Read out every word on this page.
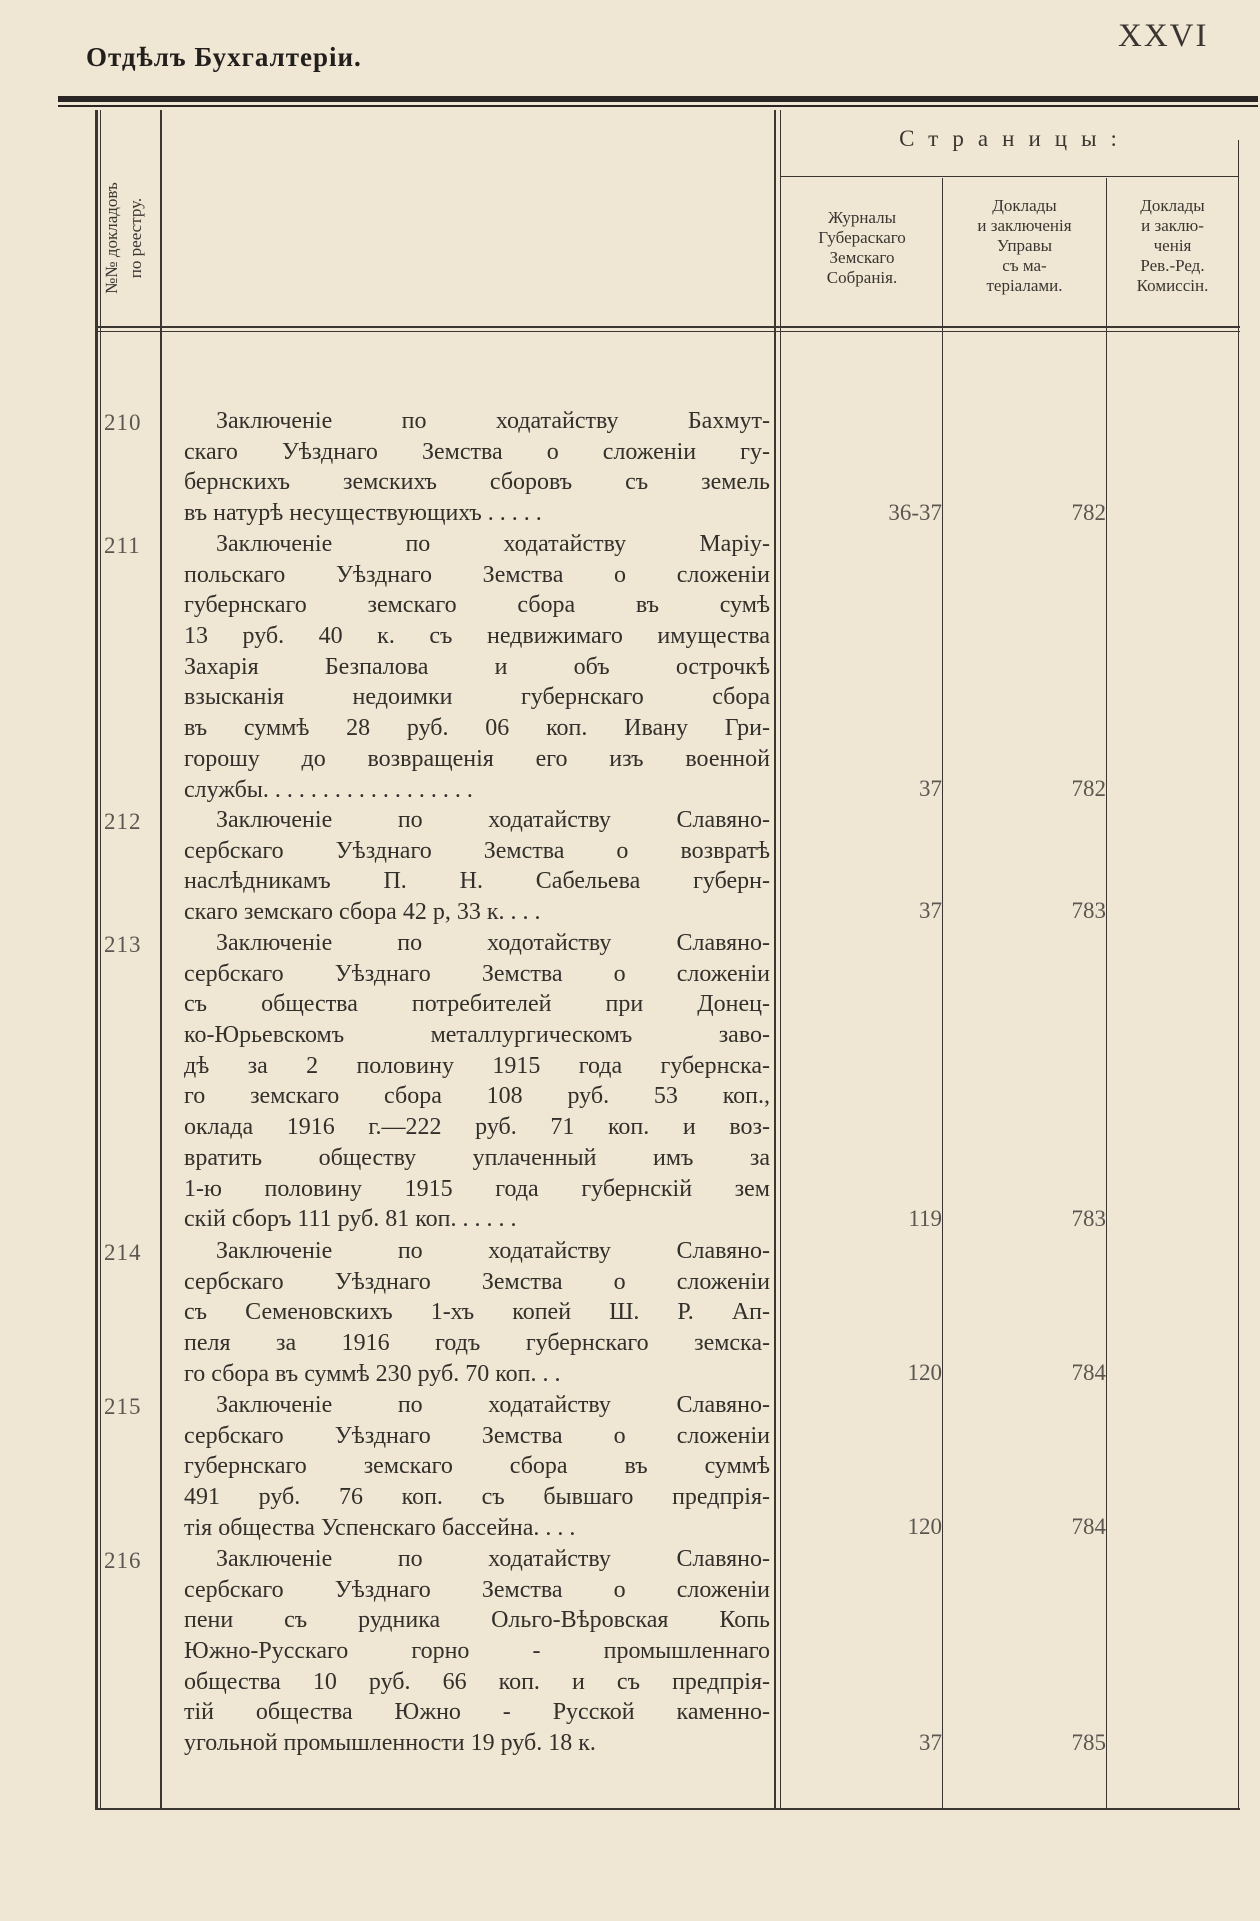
Отдѣлъ Бухгалтеріи.
XXVI
№№ докладовъ по реестру.
Страницы:
Журналы
Губерaскаго
Земскаго
Собранія.
Доклады
и заключенія
Управы
съ ма-
теріалами.
Доклады
и заклю-
ченія
Рев.-Ред.
Комиссін.
210	Заключеніе по ходатайству Бахмут-
скаго Уѣзднаго Земства о сложеніи гу-
бернскихъ земскихъ сборовъ съ земель
въ натурѣ несуществующихъ . . . . .	36-37	782
211	Заключеніе по ходатайству Маріу-
польскаго Уѣзднаго Земства о сложеніи
губернскаго земскаго сбора въ сумѣ
13 руб. 40 к. съ недвижимаго имущества
Захарія Безпалова и объ острочкѣ
взысканія недоимки губернскаго сбора
въ суммѣ 28 руб. 06 коп. Ивану Гри-
горошу до возвращенія его изъ военной
службы. . . . . . . . . . . . . . . . . .	37	782
212	Заключеніе по ходатайству Славяно-
сербскаго Уѣзднаго Земства о возвратѣ
наслѣдникамъ П. Н. Сабельева губерн-
скаго земскаго сбора 42 р, 33 к. . . .	37	783
213	Заключеніе по ходотайству Славяно-
сербскаго Уѣзднаго Земства о сложеніи
съ общества потребителей при Донец-
ко-Юрьевскомъ металлургическомъ заво-
дѣ за 2 половину 1915 года губернска-
го земскаго сбора 108 руб. 53 коп.,
оклада 1916 г.—222 руб. 71 коп. и воз-
вратить обществу уплаченный имъ за
1-ю половину 1915 года губернскій зем
скій сборъ 111 руб. 81 коп. . . . . .	119	783
214	Заключеніе по ходатайству Славяно-
сербскаго Уѣзднаго Земства о сложеніи
съ Семеновскихъ 1-хъ копей Ш. Р. Ап-
пеля за 1916 годъ губернскаго земска-
го сбора въ суммѣ 230 руб. 70 коп. . .	120	784
215	Заключеніе по ходатайству Славяно-
сербскаго Уѣзднаго Земства о сложеніи
губернскаго земскаго сбора въ суммѣ
491 руб. 76 коп. съ бывшаго предпрія-
тія общества Успенскаго бассейна. . . .	120	784
216	Заключеніе по ходатайству Славяно-
сербскаго Уѣзднаго Земства о сложеніи
пени съ рудника Ольго-Вѣровская Копь
Южно-Русскаго горно - промышленнаго
общества 10 руб. 66 коп. и съ предпрія-
тій общества Южно - Русской каменно-
угольной промышленности 19 руб. 18 к.	37	785
